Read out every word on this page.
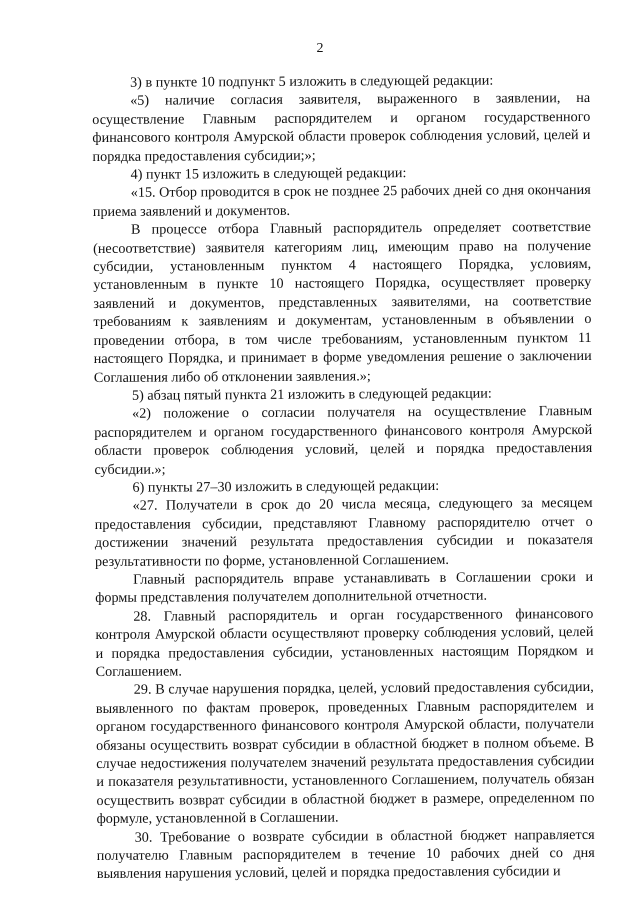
2

3) в пункте 10 подпункт 5 изложить в следующей редакции:

«5) наличие согласия заявителя, выраженного в заявлении, на осуществление Главным распорядителем и органом государственного финансового контроля Амурской области проверок соблюдения условий, целей и порядка предоставления субсидии;»;

4) пункт 15 изложить в следующей редакции:

«15. Отбор проводится в срок не позднее 25 рабочих дней со дня окончания приема заявлений и документов.

В процессе отбора Главный распорядитель определяет соответствие (несоответствие) заявителя категориям лиц, имеющим право на получение субсидии, установленным пунктом 4 настоящего Порядка, условиям, установленным в пункте 10 настоящего Порядка, осуществляет проверку заявлений и документов, представленных заявителями, на соответствие требованиям к заявлениям и документам, установленным в объявлении о проведении отбора, в том числе требованиям, установленным пунктом 11 настоящего Порядка, и принимает в форме уведомления решение о заключении Соглашения либо об отклонении заявления.»;

5) абзац пятый пункта 21 изложить в следующей редакции:

«2) положение о согласии получателя на осуществление Главным распорядителем и органом государственного финансового контроля Амурской области проверок соблюдения условий, целей и порядка предоставления субсидии.»;

6) пункты 27–30 изложить в следующей редакции:

«27. Получатели в срок до 20 числа месяца, следующего за месяцем предоставления субсидии, представляют Главному распорядителю отчет о достижении значений результата предоставления субсидии и показателя результативности по форме, установленной Соглашением.

Главный распорядитель вправе устанавливать в Соглашении сроки и формы представления получателем дополнительной отчетности.

28. Главный распорядитель и орган государственного финансового контроля Амурской области осуществляют проверку соблюдения условий, целей и порядка предоставления субсидии, установленных настоящим Порядком и Соглашением.

29. В случае нарушения порядка, целей, условий предоставления субсидии, выявленного по фактам проверок, проведенных Главным распорядителем и органом государственного финансового контроля Амурской области, получатели обязаны осуществить возврат субсидии в областной бюджет в полном объеме. В случае недостижения получателем значений результата предоставления субсидии и показателя результативности, установленного Соглашением, получатель обязан осуществить возврат субсидии в областной бюджет в размере, определенном по формуле, установленной в Соглашении.

30. Требование о возврате субсидии в областной бюджет направляется получателю Главным распорядителем в течение 10 рабочих дней со дня выявления нарушения условий, целей и порядка предоставления субсидии и
